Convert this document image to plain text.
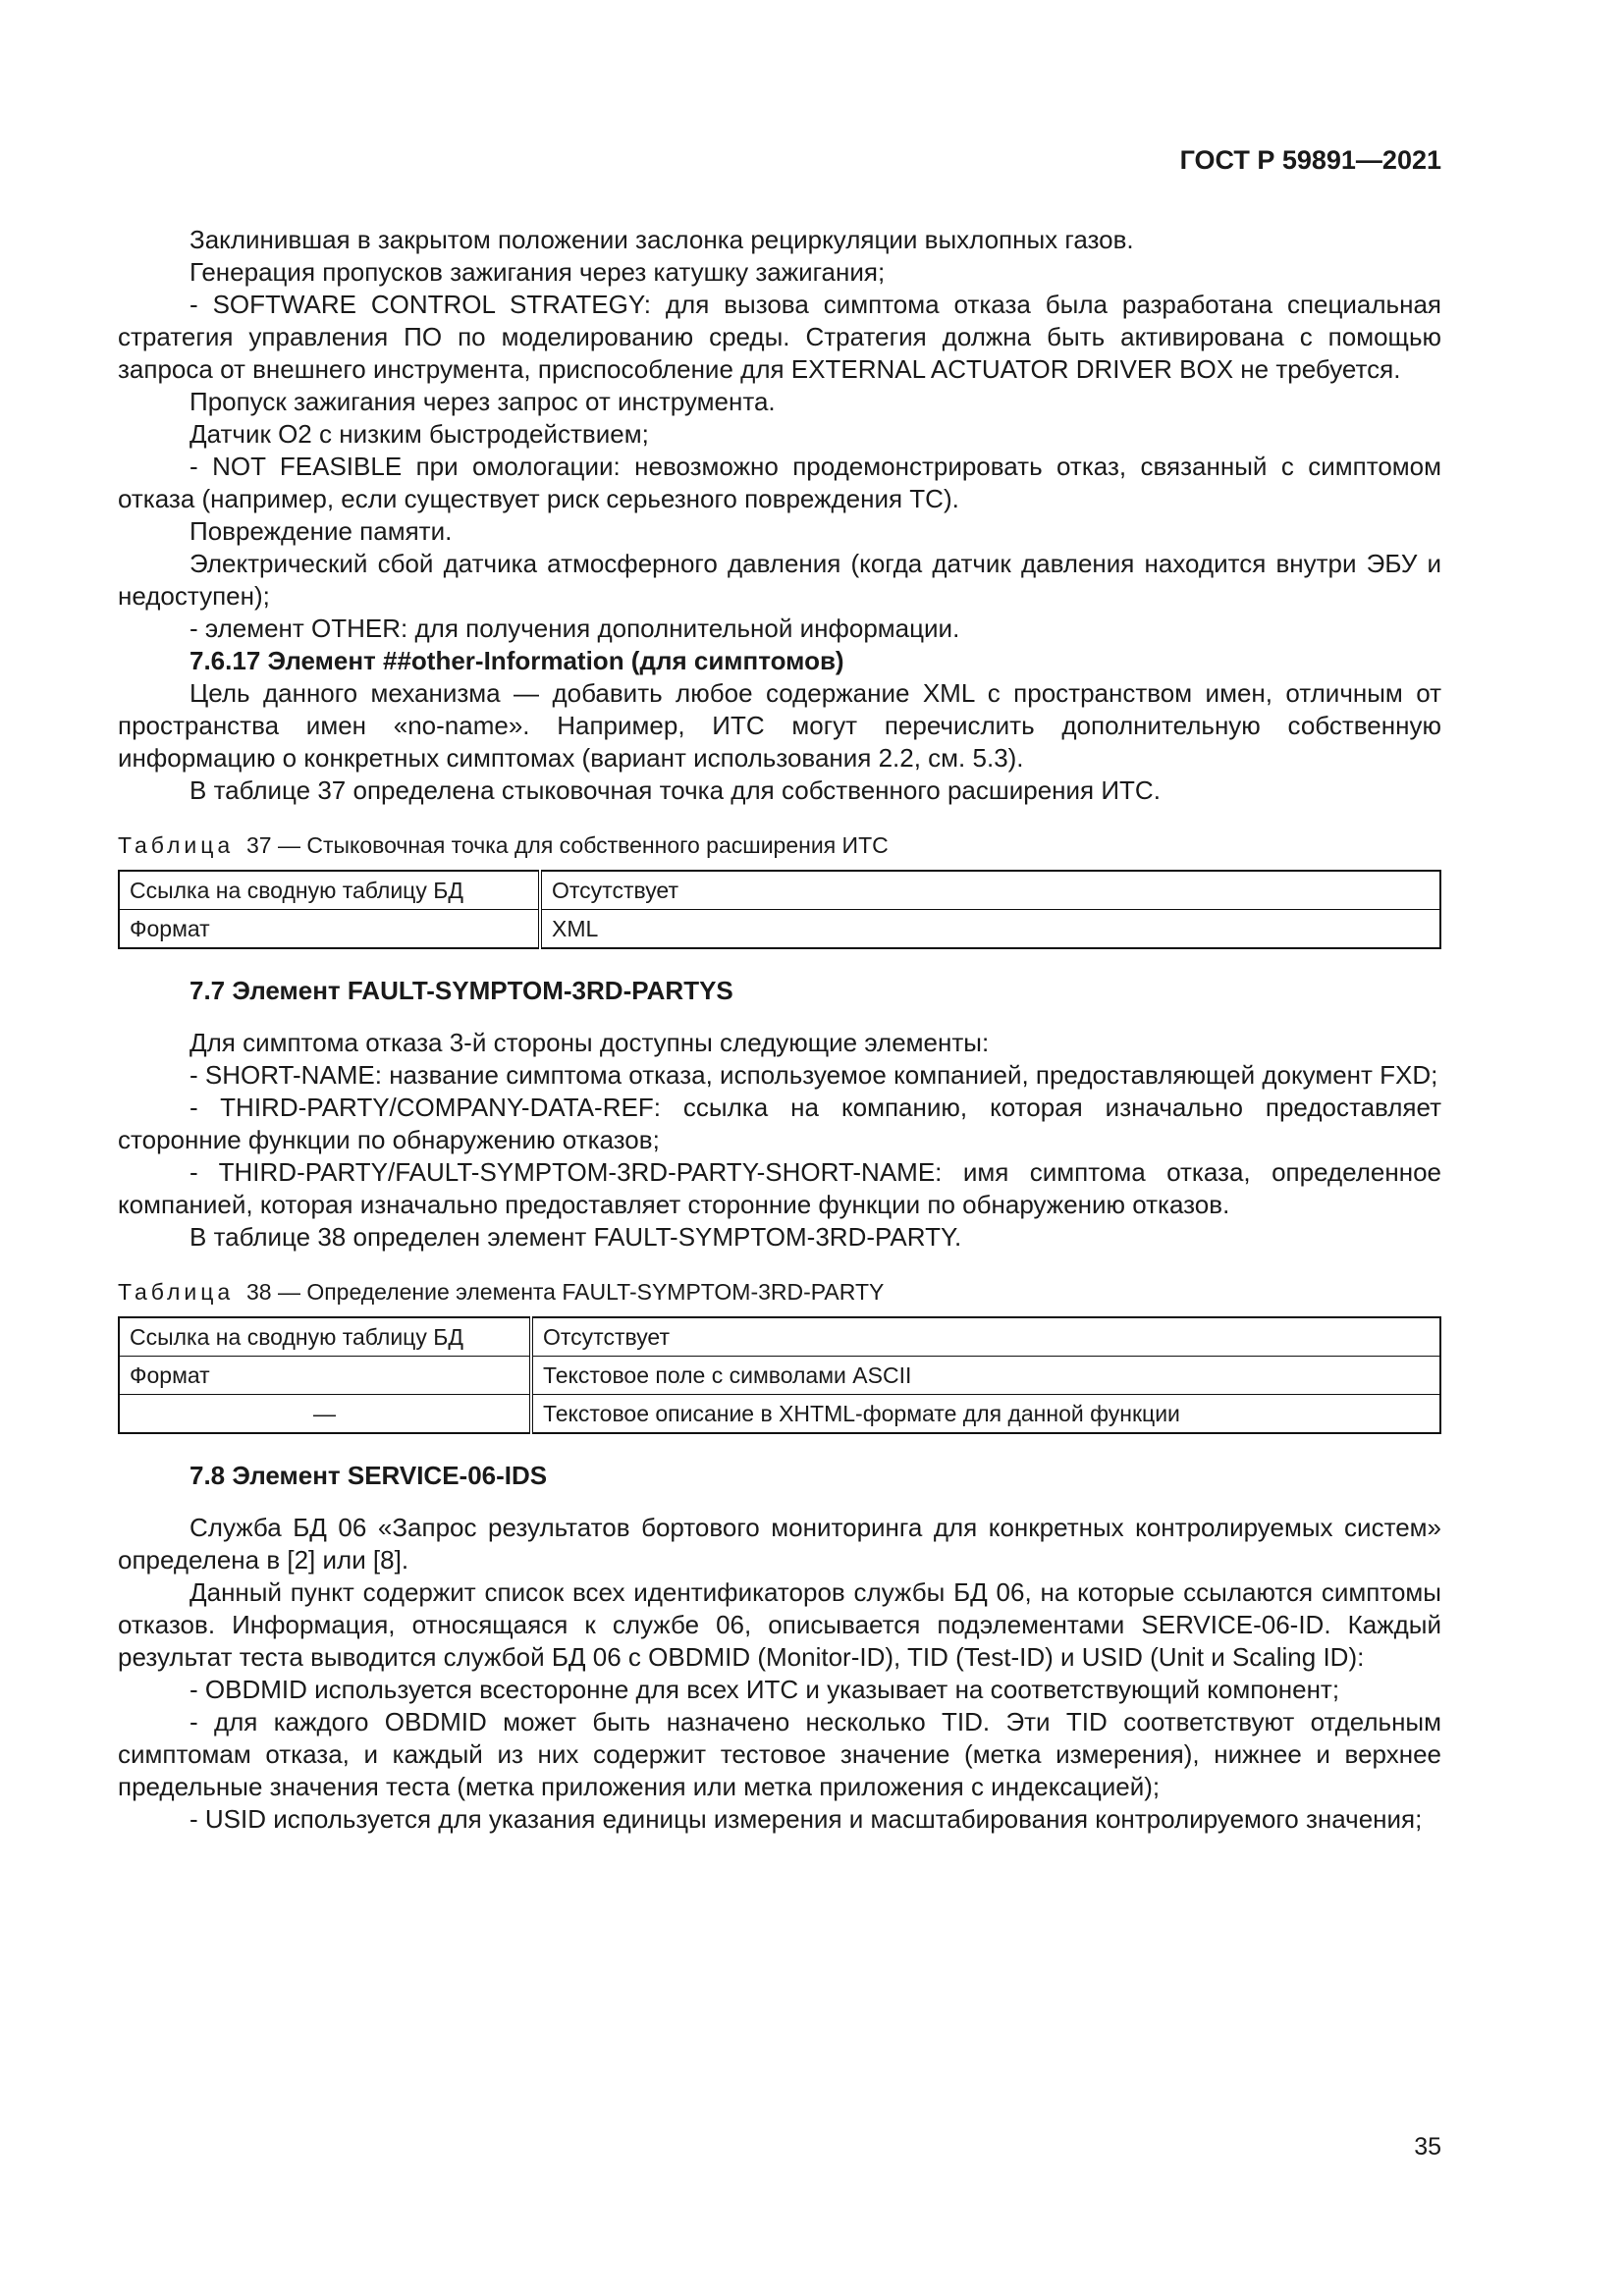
ГОСТ Р 59891—2021

Заклинившая в закрытом положении заслонка рециркуляции выхлопных газов.

Генерация пропусков зажигания через катушку зажигания;

- SOFTWARE CONTROL STRATEGY: для вызова симптома отказа была разработана специальная стратегия управления ПО по моделированию среды. Стратегия должна быть активирована с помощью запроса от внешнего инструмента, приспособление для EXTERNAL ACTUATOR DRIVER BOX не требуется.

Пропуск зажигания через запрос от инструмента.

Датчик O2 с низким быстродействием;

- NOT FEASIBLE при омологации: невозможно продемонстрировать отказ, связанный с симптомом отказа (например, если существует риск серьезного повреждения ТС).

Повреждение памяти.

Электрический сбой датчика атмосферного давления (когда датчик давления находится внутри ЭБУ и недоступен);

- элемент OTHER: для получения дополнительной информации.

7.6.17 Элемент ##other-Information (для симптомов)

Цель данного механизма — добавить любое содержание XML с пространством имен, отличным от пространства имен «no-name». Например, ИТС могут перечислить дополнительную собственную информацию о конкретных симптомах (вариант использования 2.2, см. 5.3).

В таблице 37 определена стыковочная точка для собственного расширения ИТС.

Таблица 37 — Стыковочная точка для собственного расширения ИТС
Ссылка на сводную таблицу БД	Отсутствует
Формат	XML
7.7 Элемент FAULT-SYMPTOM-3RD-PARTYS

Для симптома отказа 3-й стороны доступны следующие элементы:

- SHORT-NAME: название симптома отказа, используемое компанией, предоставляющей документ FXD;

- THIRD-PARTY/COMPANY-DATA-REF: ссылка на компанию, которая изначально предоставляет сторонние функции по обнаружению отказов;

- THIRD-PARTY/FAULT-SYMPTOM-3RD-PARTY-SHORT-NAME: имя симптома отказа, определенное компанией, которая изначально предоставляет сторонние функции по обнаружению отказов.

В таблице 38 определен элемент FAULT-SYMPTOM-3RD-PARTY.

Таблица 38 — Определение элемента FAULT-SYMPTOM-3RD-PARTY
Ссылка на сводную таблицу БД	Отсутствует
Формат	Текстовое поле с символами ASCII
—	Текстовое описание в XHTML-формате для данной функции
7.8 Элемент SERVICE-06-IDS

Служба БД 06 «Запрос результатов бортового мониторинга для конкретных контролируемых систем» определена в [2] или [8].

Данный пункт содержит список всех идентификаторов службы БД 06, на которые ссылаются симптомы отказов. Информация, относящаяся к службе 06, описывается подэлементами SERVICE-06-ID. Каждый результат теста выводится службой БД 06 с OBDMID (Monitor-ID), TID (Test-ID) и USID (Unit и Scaling ID):

- OBDMID используется всесторонне для всех ИТС и указывает на соответствующий компонент;

- для каждого OBDMID может быть назначено несколько TID. Эти TID соответствуют отдельным симптомам отказа, и каждый из них содержит тестовое значение (метка измерения), нижнее и верхнее предельные значения теста (метка приложения или метка приложения с индексацией);

- USID используется для указания единицы измерения и масштабирования контролируемого значения;

35
